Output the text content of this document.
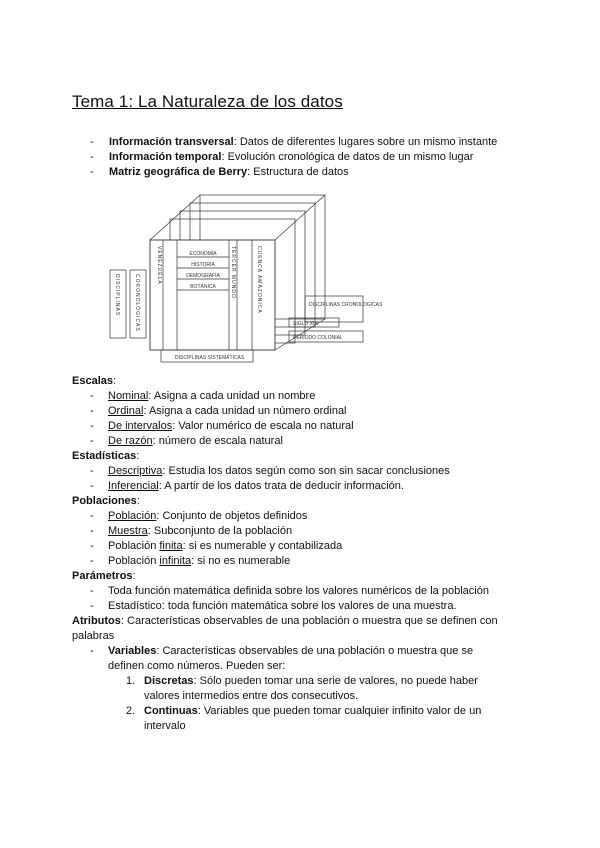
Tema 1: La Naturaleza de los datos
- Información transversal: Datos de diferentes lugares sobre un mismo instante
- Información temporal: Evolución cronológica de datos de un mismo lugar
- Matriz geográfica de Berry: Estructura de datos
ECONOMÍA
HISTORIA
DEMOGRAFÍA
BOTÁNICA
VENEZUELA	TERCER MUNDO	CUENCA AMAZONICA
DISCIPLINAS	CORONOLÓGICAS	DISCIPLINAS CRONOLOGICAS
SIGLO XIX
PERIODO COLONIAL
DISCIPLINAS SISTEMÁTICAS
Escalas:
- Nominal: Asigna a cada unidad un nombre
- Ordinal: Asigna a cada unidad un número ordinal
- De intervalos: Valor numérico de escala no natural
- De razón: número de escala natural
Estadísticas:
- Descriptiva: Estudia los datos según como son sin sacar conclusiones
- Inferencial: A partir de los datos trata de deducir información.
Poblaciones:
- Población: Conjunto de objetos definidos
- Muestra: Subconjunto de la población
- Población finita: si es numerable y contabilizada
- Población infinita: si no es numerable
Parámetros:
- Toda función matemática definida sobre los valores numéricos de la población
- Estadístico: toda función matemática sobre los valores de una muestra.
Atributos: Características observables de una población o muestra que se definen con palabras
- Variables: Características observables de una población o muestra que se definen como números. Pueden ser:
1. Discretas: Sólo pueden tomar una serie de valores, no puede haber valores intermedios entre dos consecutivos.
2. Continuas: Variables que pueden tomar cualquier infinito valor de un intervalo
